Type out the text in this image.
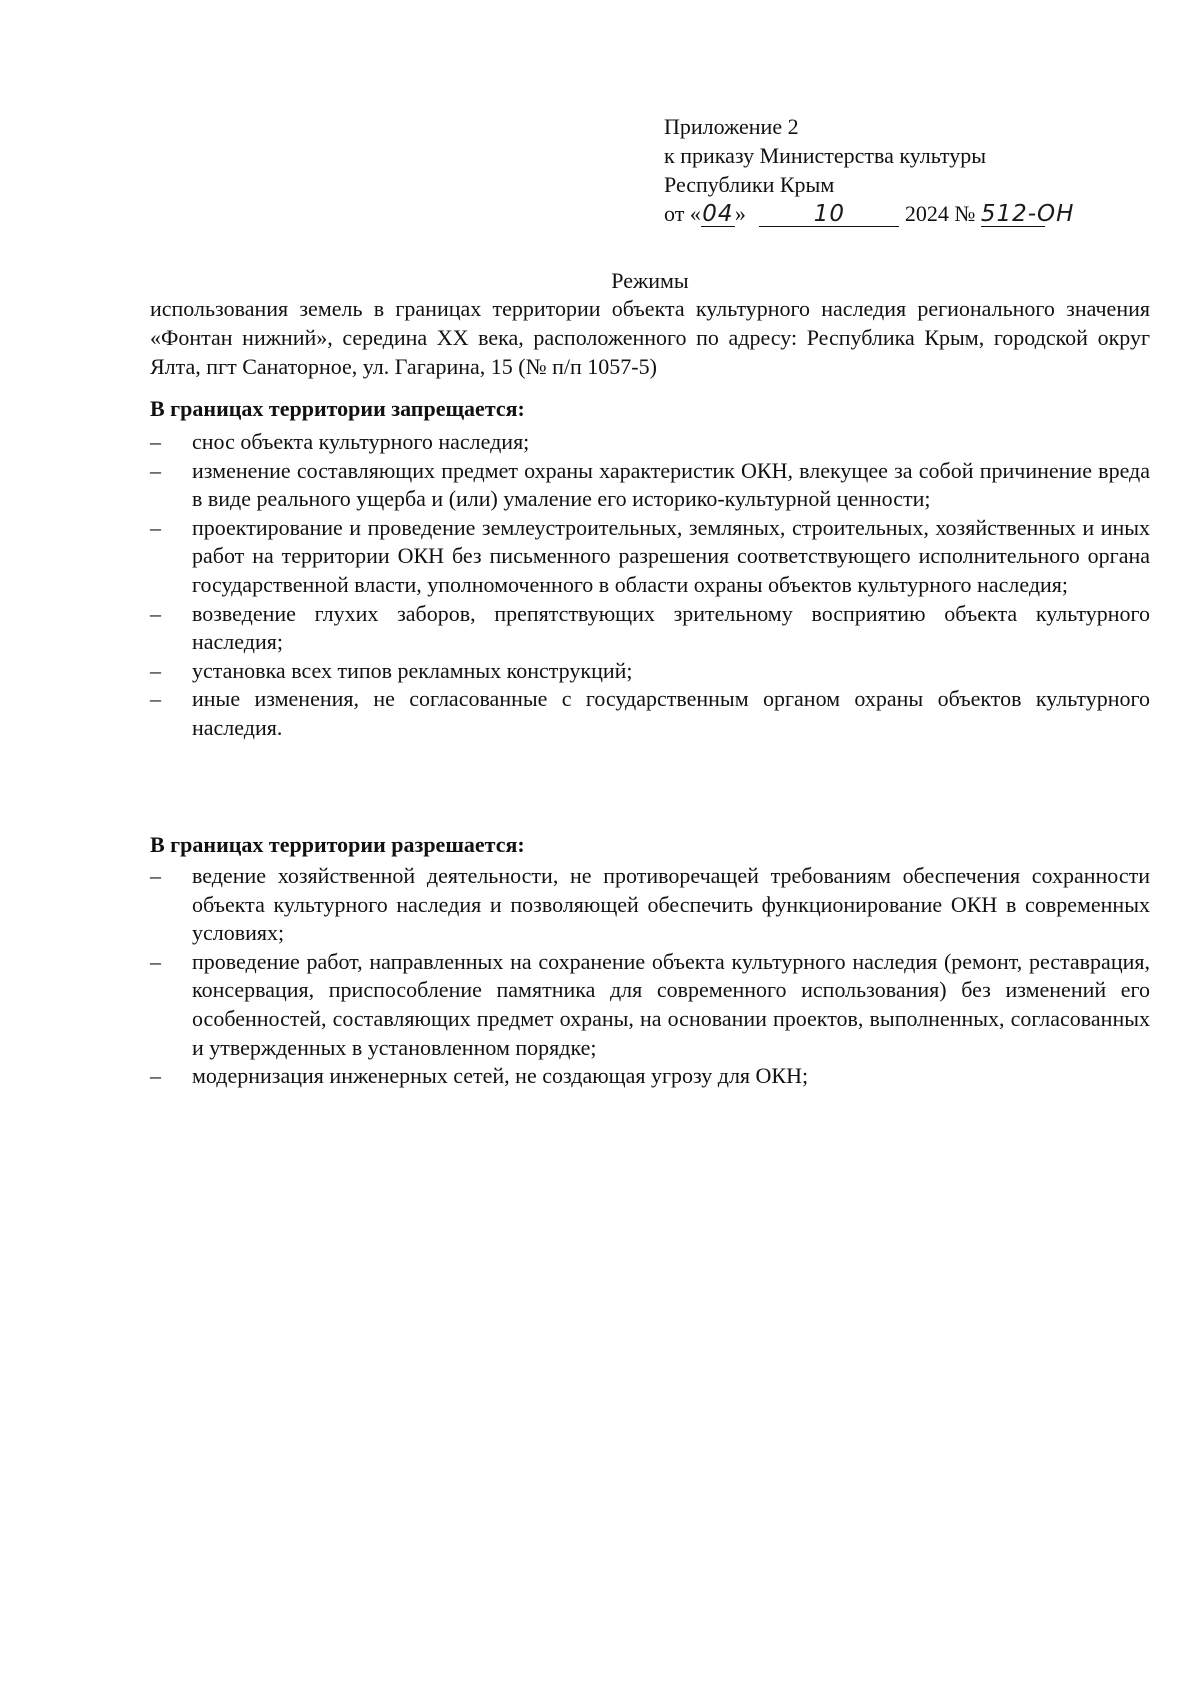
Приложение 2
к приказу Министерства культуры
Республики Крым
от «04»	10	2024 № 512-ОН
Режимы
использования земель в границах территории объекта культурного наследия регионального значения «Фонтан нижний», середина XX века, расположенного по адресу: Республика Крым, городской округ Ялта, пгт Санаторное, ул. Гагарина, 15 (№ п/п 1057-5)
В границах территории запрещается:
– снос объекта культурного наследия;
– изменение составляющих предмет охраны характеристик ОКН, влекущее за собой причинение вреда в виде реального ущерба и (или) умаление его историко-культурной ценности;
– проектирование и проведение землеустроительных, земляных, строительных, хозяйственных и иных работ на территории ОКН без письменного разрешения соответствующего исполнительного органа государственной власти, уполномоченного в области охраны объектов культурного наследия;
– возведение глухих заборов, препятствующих зрительному восприятию объекта культурного наследия;
– установка всех типов рекламных конструкций;
– иные изменения, не согласованные с государственным органом охраны объектов культурного наследия.
В границах территории разрешается:
– ведение хозяйственной деятельности, не противоречащей требованиям обеспечения сохранности объекта культурного наследия и позволяющей обеспечить функционирование ОКН в современных условиях;
– проведение работ, направленных на сохранение объекта культурного наследия (ремонт, реставрация, консервация, приспособление памятника для современного использования) без изменений его особенностей, составляющих предмет охраны, на основании проектов, выполненных, согласованных и утвержденных в установленном порядке;
– модернизация инженерных сетей, не создающая угрозу для ОКН;
